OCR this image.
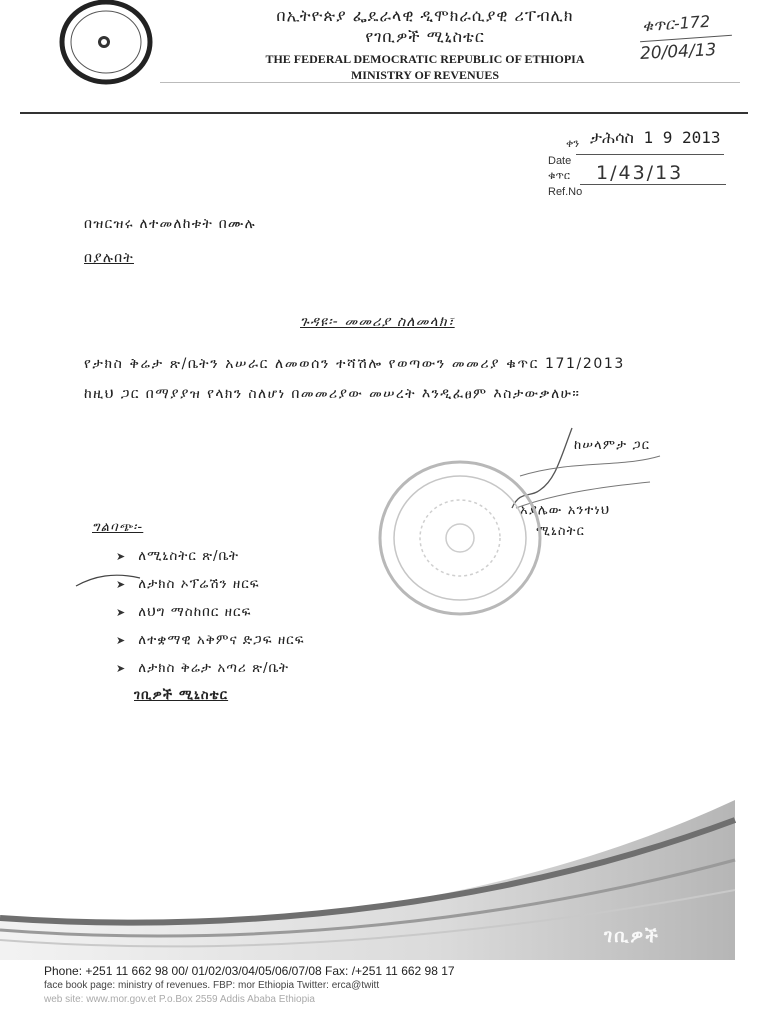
በኢትዮጵያ ፌዴራላዊ ዲሞክራሲያዊ ሪፐብሊክ
የገቢዎች ሚኒስቴር
THE FEDERAL DEMOCRATIC REPUBLIC OF ETHIOPIA
MINISTRY OF REVENUES
ቁጥር-172
20/04/13
ቀን ታሕሳስ 1 9 2013
Date
ቁጥር 1/43/13
Ref.No
በዝርዝሩ ለተመለከቱት በሙሉ
በያሉበት
ጉዳዩ፡- መመሪያ ስለመላክ፣
የታክስ ቅሬታ ጽ/ቤትን አሠራር ለመወሰን ተሻሽሎ የወጣውን መመሪያ ቁጥር 171/2013
ከዚህ ጋር በማያያዝ የላክን ስለሆነ በመመሪያው መሠረት እንዲፈፀም እስታውቃለሁ።
ከሠላምታ ጋር
አያሌው አንተነህ
ሚኒስትር
ግልባጭ፡-
➤ ለሚኒስትር ጽ/ቤት
➤ ለታክስ ኦፕሬሽን ዘርፍ
➤ ለህግ ማስከበር ዘርፍ
➤ ለተቋማዊ አቅምና ድጋፍ ዘርፍ
➤ ለታክስ ቅሬታ አጣሪ ጽ/ቤት
ገቢዎች ሚኒስቴር
ገቢዎች
Phone: +251 11 662 98 00/ 01/02/03/04/05/06/07/08 Fax: /+251 11 662 98 17
face book page: ministry of revenues. FBP: mor Ethiopia Twitter: erca@twitt
web site: www.mor.gov.et P.o.Box 2559 Addis Ababa Ethiopia
